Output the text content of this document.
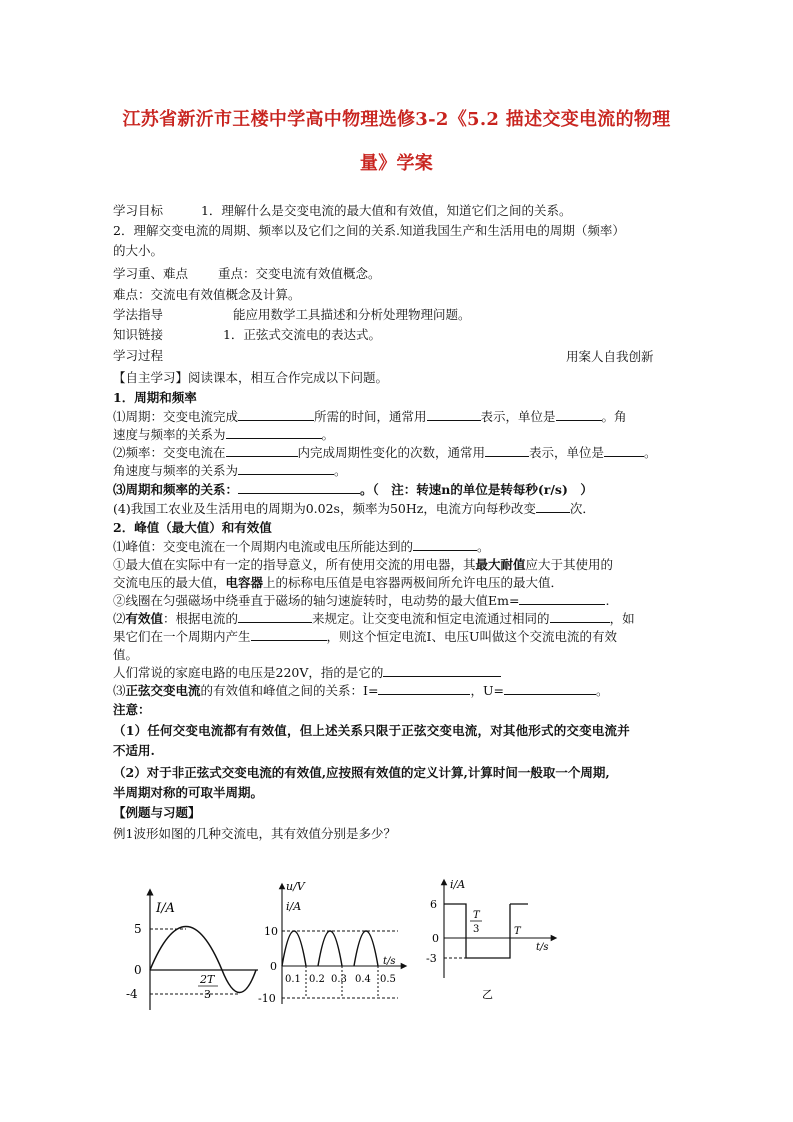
江苏省新沂市王楼中学高中物理选修3-2《5.2 描述交变电流的物理
量》学案
学习目标	1．理解什么是交变电流的最大值和有效值，知道它们之间的关系。
2．理解交变电流的周期、频率以及它们之间的关系.知道我国生产和生活用电的周期（频率）
的大小。
学习重、难点 重点：交变电流有效值概念。
难点：交流电有效值概念及计算。
学法指导	能应用数学工具描述和分析处理物理问题。
知识链接	1．正弦式交流电的表达式。
学习过程	用案人自我创新
【自主学习】阅读课本，相互合作完成以下问题。
1．周期和频率
⑴周期：交变电流完成	所需的时间，通常用	表示，单位是	。角
速度与频率的关系为	。
⑵频率：交变电流在	内完成周期性变化的次数，通常用	表示，单位是	。
角速度与频率的关系为	。
⑶周期和频率的关系：	。（　注：转速n的单位是转每秒(r/s)　）
(4)我国工农业及生活用电的周期为0.02s，频率为50Hz，电流方向每秒改变	次．
2．峰值（最大值）和有效值
⑴峰值：交变电流在一个周期内电流或电压所能达到的	。
①最大值在实际中有一定的指导意义，所有使用交流的用电器，其最大耐值应大于其使用的
交流电压的最大值，电容器上的标称电压值是电容器两极间所允许电压的最大值．
②线圈在匀强磁场中绕垂直于磁场的轴匀速旋转时，电动势的最大值Em=	.
⑵有效值：根据电流的	来规定。让交变电流和恒定电流通过相同的	，如
果它们在一个周期内产生	，则这个恒定电流I、电压U叫做这个交流电流的有效
值。
人们常说的家庭电路的电压是220V，指的是它的
⑶正弦交变电流的有效值和峰值之间的关系：I=	，U=	。
注意：
（1）任何交变电流都有有效值，但上述关系只限于正弦交变电流，对其他形式的交变电流并
不适用.
（2）对于非正弦式交变电流的有效值,应按照有效值的定义计算,计算时间一般取一个周期,
半周期对称的可取半周期。
【例题与习题】
例1波形如图的几种交流电，其有效值分别是多少？
I/A
5
0
-4
2T
3
u/V
i/A
10
0
-10
0.1 0.2 0.3 0.4 0.5
t/s
i/A
6
0
-3
T
3	T
t/s
乙
